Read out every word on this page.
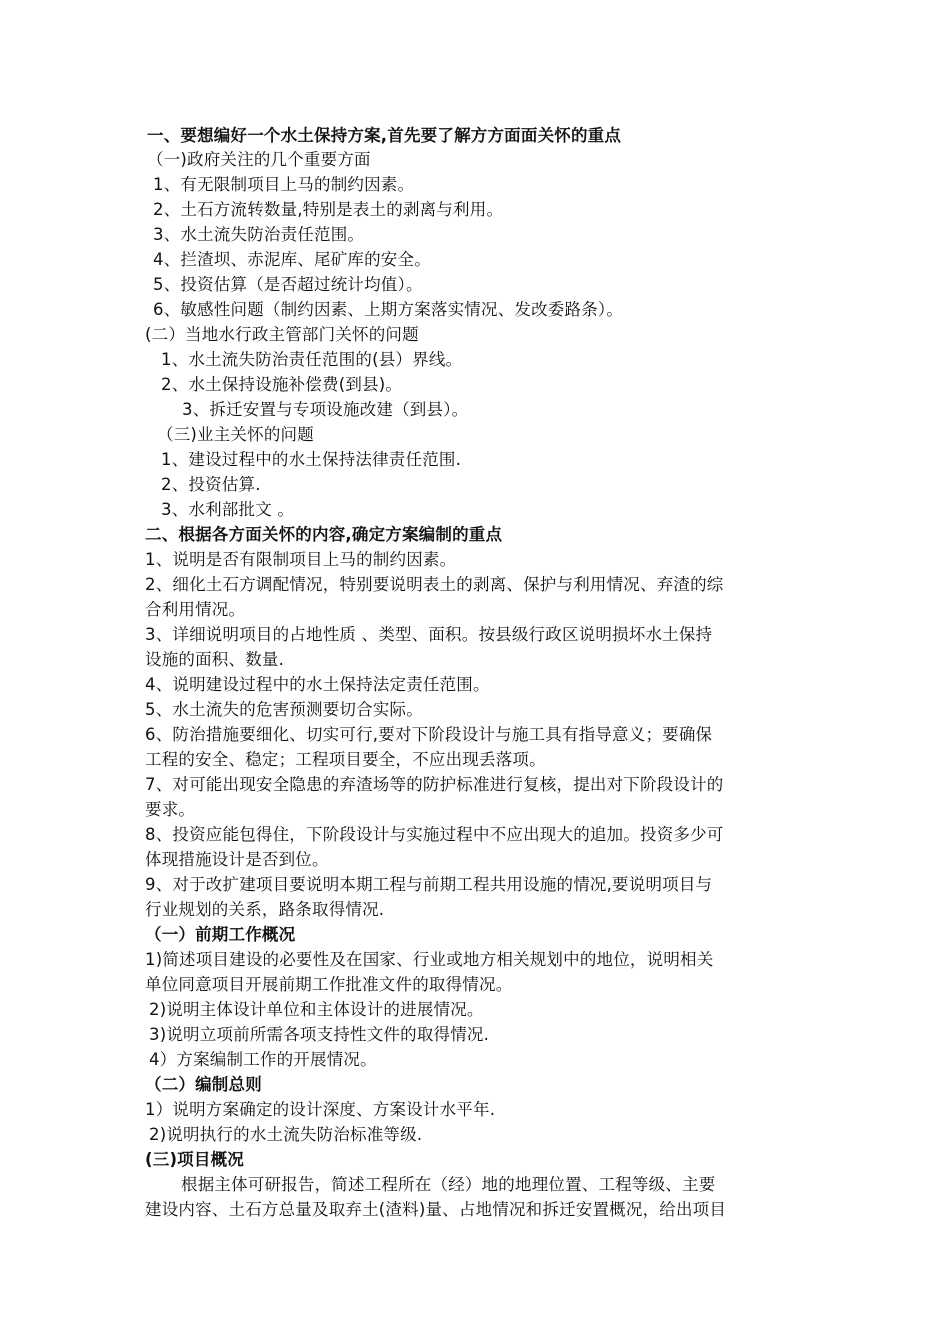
一、要想编好一个水土保持方案,首先要了解方方面面关怀的重点
（一)政府关注的几个重要方面
1、有无限制项目上马的制约因素。
2、土石方流转数量,特别是表土的剥离与利用。
3、水土流失防治责任范围。
4、拦渣坝、赤泥库、尾矿库的安全。
5、投资估算（是否超过统计均值）。
6、敏感性问题（制约因素、上期方案落实情况、发改委路条）。
(二）当地水行政主管部门关怀的问题
1、水土流失防治责任范围的(县）界线。
2、水土保持设施补偿费(到县)。
3、拆迁安置与专项设施改建（到县）。
（三)业主关怀的问题
1、建设过程中的水土保持法律责任范围.
2、投资估算.
3、水利部批文 。
二、根据各方面关怀的内容,确定方案编制的重点
1、说明是否有限制项目上马的制约因素。
2、细化土石方调配情况，特别要说明表土的剥离、保护与利用情况、弃渣的综
合利用情况。
3、详细说明项目的占地性质 、类型、面积。按县级行政区说明损坏水土保持
设施的面积、数量.
4、说明建设过程中的水土保持法定责任范围。
5、水土流失的危害预测要切合实际。
6、防治措施要细化、切实可行,要对下阶段设计与施工具有指导意义；要确保
工程的安全、稳定；工程项目要全，不应出现丢落项。
7、对可能出现安全隐患的弃渣场等的防护标准进行复核，提出对下阶段设计的
要求。
8、投资应能包得住，下阶段设计与实施过程中不应出现大的追加。投资多少可
体现措施设计是否到位。
9、对于改扩建项目要说明本期工程与前期工程共用设施的情况,要说明项目与
行业规划的关系，路条取得情况.
（一）前期工作概况
1)简述项目建设的必要性及在国家、行业或地方相关规划中的地位，说明相关
单位同意项目开展前期工作批准文件的取得情况。
2)说明主体设计单位和主体设计的进展情况。
3)说明立项前所需各项支持性文件的取得情况.
4）方案编制工作的开展情况。
（二）编制总则
1）说明方案确定的设计深度、方案设计水平年.
2)说明执行的水土流失防治标准等级.
(三)项目概况
根据主体可研报告，简述工程所在（经）地的地理位置、工程等级、主要
建设内容、土石方总量及取弃土(渣料)量、占地情况和拆迁安置概况，给出项目
